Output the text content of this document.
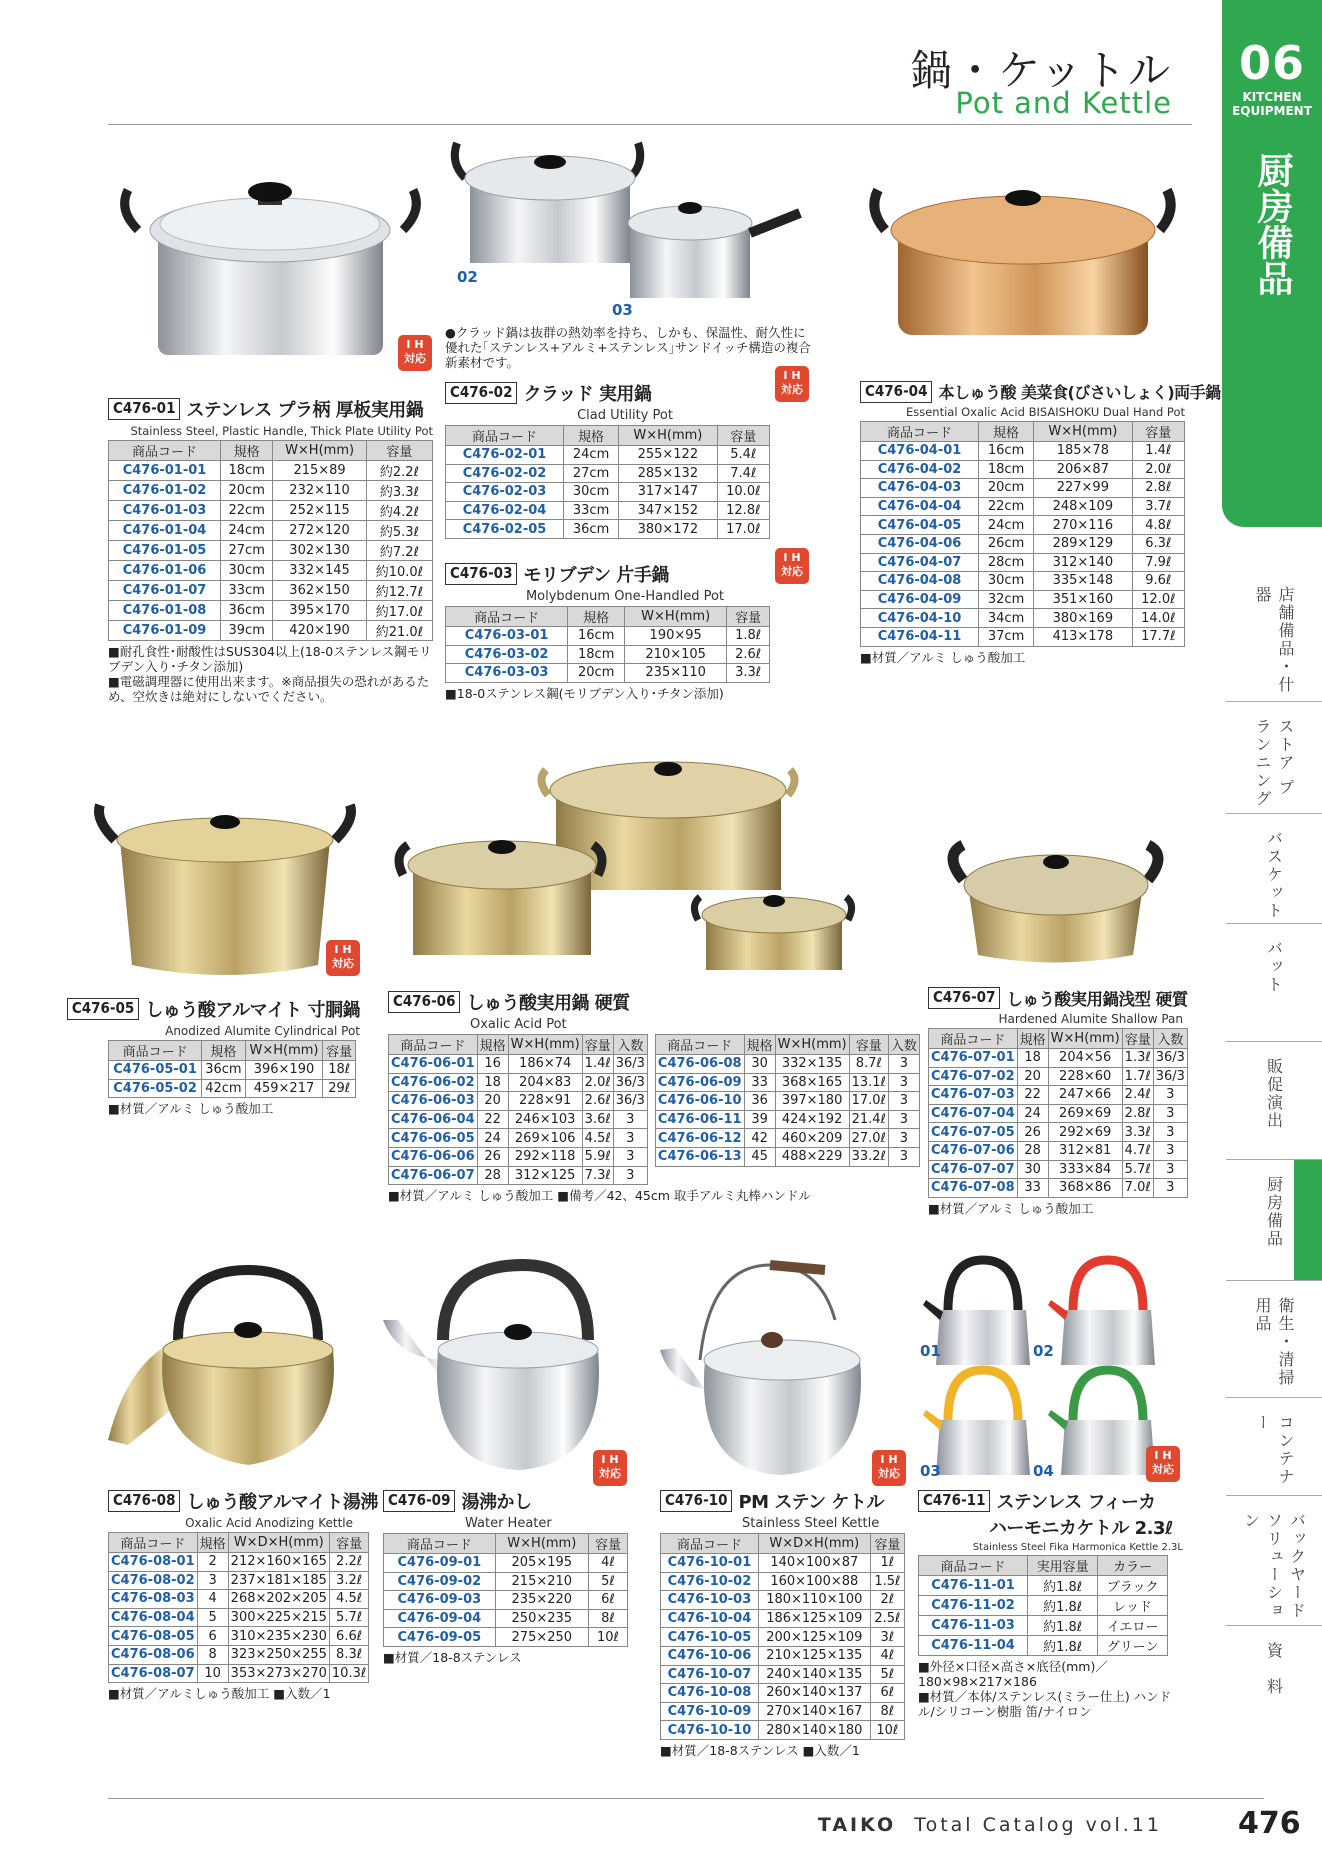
鍋・ケットル
Pot and Kettle
06
KITCHEN
EQUIPMENT
厨房備品
店舗備品・什器
ストア プランニング
バスケット
バット
販促演出
厨房備品
衛生・清掃用品
コンテナー
バックヤード ソリューション
資　料
I H
対応
C476-01 ステンレス プラ柄 厚板実用鍋
Stainless Steel, Plastic Handle, Thick Plate Utility Pot
商品コード	規格	W×H(mm)	容量
C476-01-01	18cm	215×89	約2.2ℓ
C476-01-02	20cm	232×110	約3.3ℓ
C476-01-03	22cm	252×115	約4.2ℓ
C476-01-04	24cm	272×120	約5.3ℓ
C476-01-05	27cm	302×130	約7.2ℓ
C476-01-06	30cm	332×145	約10.0ℓ
C476-01-07	33cm	362×150	約12.7ℓ
C476-01-08	36cm	395×170	約17.0ℓ
C476-01-09	39cm	420×190	約21.0ℓ
■耐孔食性･耐酸性はSUS304以上(18-0ステンレス鋼モリブデン入り･チタン添加)
■電磁調理器に使用出来ます。※商品損失の恐れがあるため、空炊きは絶対にしないでください。
02
03
●クラッド鍋は抜群の熱効率を持ち、しかも、保温性、耐久性に優れた｢ステンレス+アルミ+ステンレス｣サンドイッチ構造の複合新素材です。
I H
対応
C476-02 クラッド 実用鍋
Clad Utility Pot
商品コード	規格	W×H(mm)	容量
C476-02-01	24cm	255×122	5.4ℓ
C476-02-02	27cm	285×132	7.4ℓ
C476-02-03	30cm	317×147	10.0ℓ
C476-02-04	33cm	347×152	12.8ℓ
C476-02-05	36cm	380×172	17.0ℓ
I H
対応
C476-03 モリブデン 片手鍋
Molybdenum One-Handled Pot
商品コード	規格	W×H(mm)	容量
C476-03-01	16cm	190×95	1.8ℓ
C476-03-02	18cm	210×105	2.6ℓ
C476-03-03	20cm	235×110	3.3ℓ
■18-0ステンレス鋼(モリブデン入り･チタン添加)
C476-04 本しゅう酸 美菜食(びさいしょく)両手鍋
Essential Oxalic Acid BISAISHOKU Dual Hand Pot
商品コード	規格	W×H(mm)	容量
C476-04-01	16cm	185×78	1.4ℓ
C476-04-02	18cm	206×87	2.0ℓ
C476-04-03	20cm	227×99	2.8ℓ
C476-04-04	22cm	248×109	3.7ℓ
C476-04-05	24cm	270×116	4.8ℓ
C476-04-06	26cm	289×129	6.3ℓ
C476-04-07	28cm	312×140	7.9ℓ
C476-04-08	30cm	335×148	9.6ℓ
C476-04-09	32cm	351×160	12.0ℓ
C476-04-10	34cm	380×169	14.0ℓ
C476-04-11	37cm	413×178	17.7ℓ
■材質／アルミ しゅう酸加工
I H
対応
C476-05 しゅう酸アルマイト 寸胴鍋
Anodized Alumite Cylindrical Pot
商品コード	規格	W×H(mm)	容量
C476-05-01	36cm	396×190	18ℓ
C476-05-02	42cm	459×217	29ℓ
■材質／アルミ しゅう酸加工
C476-06 しゅう酸実用鍋 硬質
Oxalic Acid Pot
商品コード	規格	W×H(mm)	容量	入数
C476-06-01	16	186×74	1.4ℓ	36/3
C476-06-02	18	204×83	2.0ℓ	36/3
C476-06-03	20	228×91	2.6ℓ	36/3
C476-06-04	22	246×103	3.6ℓ	3
C476-06-05	24	269×106	4.5ℓ	3
C476-06-06	26	292×118	5.9ℓ	3
C476-06-07	28	312×125	7.3ℓ	3
商品コード	規格	W×H(mm)	容量	入数
C476-06-08	30	332×135	8.7ℓ	3
C476-06-09	33	368×165	13.1ℓ	3
C476-06-10	36	397×180	17.0ℓ	3
C476-06-11	39	424×192	21.4ℓ	3
C476-06-12	42	460×209	27.0ℓ	3
C476-06-13	45	488×229	33.2ℓ	3
■材質／アルミ しゅう酸加工 ■備考／42、45cm 取手アルミ丸棒ハンドル
C476-07 しゅう酸実用鍋浅型 硬質
Hardened Alumite Shallow Pan
商品コード	規格	W×H(mm)	容量	入数
C476-07-01	18	204×56	1.3ℓ	36/3
C476-07-02	20	228×60	1.7ℓ	36/3
C476-07-03	22	247×66	2.4ℓ	3
C476-07-04	24	269×69	2.8ℓ	3
C476-07-05	26	292×69	3.3ℓ	3
C476-07-06	28	312×81	4.7ℓ	3
C476-07-07	30	333×84	5.7ℓ	3
C476-07-08	33	368×86	7.0ℓ	3
■材質／アルミ しゅう酸加工
C476-08 しゅう酸アルマイト湯沸
Oxalic Acid Anodizing Kettle
商品コード	規格	W×D×H(mm)	容量
C476-08-01	2	212×160×165	2.2ℓ
C476-08-02	3	237×181×185	3.2ℓ
C476-08-03	4	268×202×205	4.5ℓ
C476-08-04	5	300×225×215	5.7ℓ
C476-08-05	6	310×235×230	6.6ℓ
C476-08-06	8	323×250×255	8.3ℓ
C476-08-07	10	353×273×270	10.3ℓ
■材質／アルミしゅう酸加工 ■入数／1
I H
対応
C476-09 湯沸かし
Water Heater
商品コード	W×H(mm)	容量
C476-09-01	205×195	4ℓ
C476-09-02	215×210	5ℓ
C476-09-03	235×220	6ℓ
C476-09-04	250×235	8ℓ
C476-09-05	275×250	10ℓ
■材質／18-8ステンレス
I H
対応
C476-10 PM ステン ケトル
Stainless Steel Kettle
商品コード	W×D×H(mm)	容量
C476-10-01	140×100×87	1ℓ
C476-10-02	160×100×88	1.5ℓ
C476-10-03	180×110×100	2ℓ
C476-10-04	186×125×109	2.5ℓ
C476-10-05	200×125×109	3ℓ
C476-10-06	210×125×135	4ℓ
C476-10-07	240×140×135	5ℓ
C476-10-08	260×140×137	6ℓ
C476-10-09	270×140×167	8ℓ
C476-10-10	280×140×180	10ℓ
■材質／18-8ステンレス ■入数／1
01	02
03	04
I H
対応
C476-11 ステンレス フィーカ
ハーモニカケトル 2.3ℓ
Stainless Steel Fika Harmonica Kettle 2.3L
商品コード	実用容量	カラー
C476-11-01	約1.8ℓ	ブラック
C476-11-02	約1.8ℓ	レッド
C476-11-03	約1.8ℓ	イエロー
C476-11-04	約1.8ℓ	グリーン
■外径×口径×高さ×底径(mm)／180×98×217×186
■材質／本体/ステンレス(ミラー仕上) ハンドル/シリコーン樹脂 笛/ナイロン
TAIKO Total Catalog vol.11	476
